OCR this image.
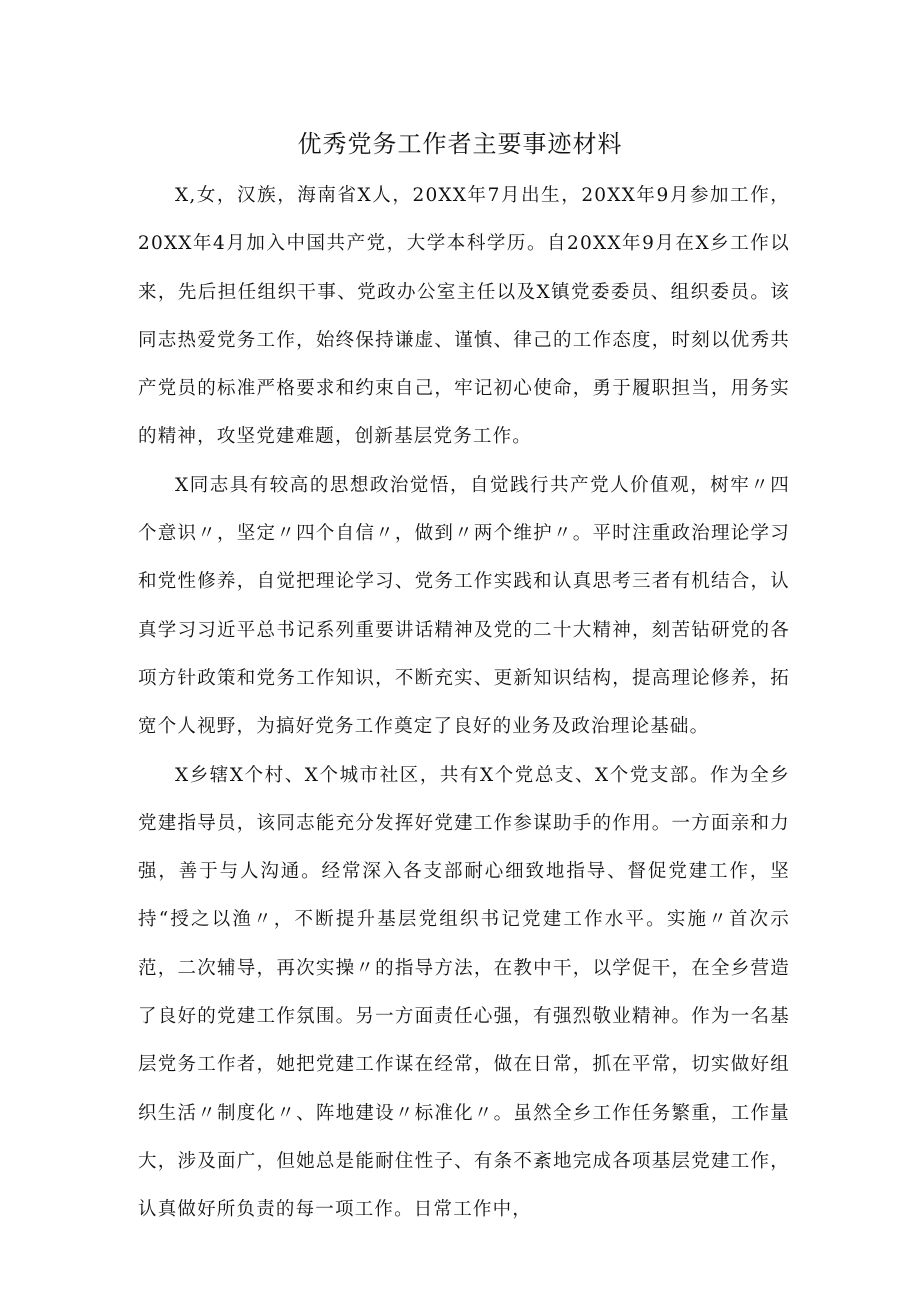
优秀党务工作者主要事迹材料

X,女，汉族，海南省X人，20XX年7月出生，20XX年9月参加工作，20XX年4月加入中国共产党，大学本科学历。自20XX年9月在X乡工作以来，先后担任组织干事、党政办公室主任以及X镇党委委员、组织委员。该同志热爱党务工作，始终保持谦虚、谨慎、律己的工作态度，时刻以优秀共产党员的标准严格要求和约束自己，牢记初心使命，勇于履职担当，用务实的精神，攻坚党建难题，创新基层党务工作。

X同志具有较高的思想政治觉悟，自觉践行共产党人价值观，树牢〃四个意识〃，坚定〃四个自信〃，做到〃两个维护〃。平时注重政治理论学习和党性修养，自觉把理论学习、党务工作实践和认真思考三者有机结合，认真学习习近平总书记系列重要讲话精神及党的二十大精神，刻苦钻研党的各项方针政策和党务工作知识，不断充实、更新知识结构，提高理论修养，拓宽个人视野，为搞好党务工作奠定了良好的业务及政治理论基础。

X乡辖X个村、X个城市社区，共有X个党总支、X个党支部。作为全乡党建指导员，该同志能充分发挥好党建工作参谋助手的作用。一方面亲和力强，善于与人沟通。经常深入各支部耐心细致地指导、督促党建工作，坚持“授之以渔〃，不断提升基层党组织书记党建工作水平。实施〃首次示范，二次辅导，再次实操〃的指导方法，在教中干，以学促干，在全乡营造了良好的党建工作氛围。另一方面责任心强，有强烈敬业精神。作为一名基层党务工作者，她把党建工作谋在经常，做在日常，抓在平常，切实做好组织生活〃制度化〃、阵地建设〃标准化〃。虽然全乡工作任务繁重，工作量大，涉及面广，但她总是能耐住性子、有条不紊地完成各项基层党建工作，认真做好所负责的每一项工作。日常工作中，
